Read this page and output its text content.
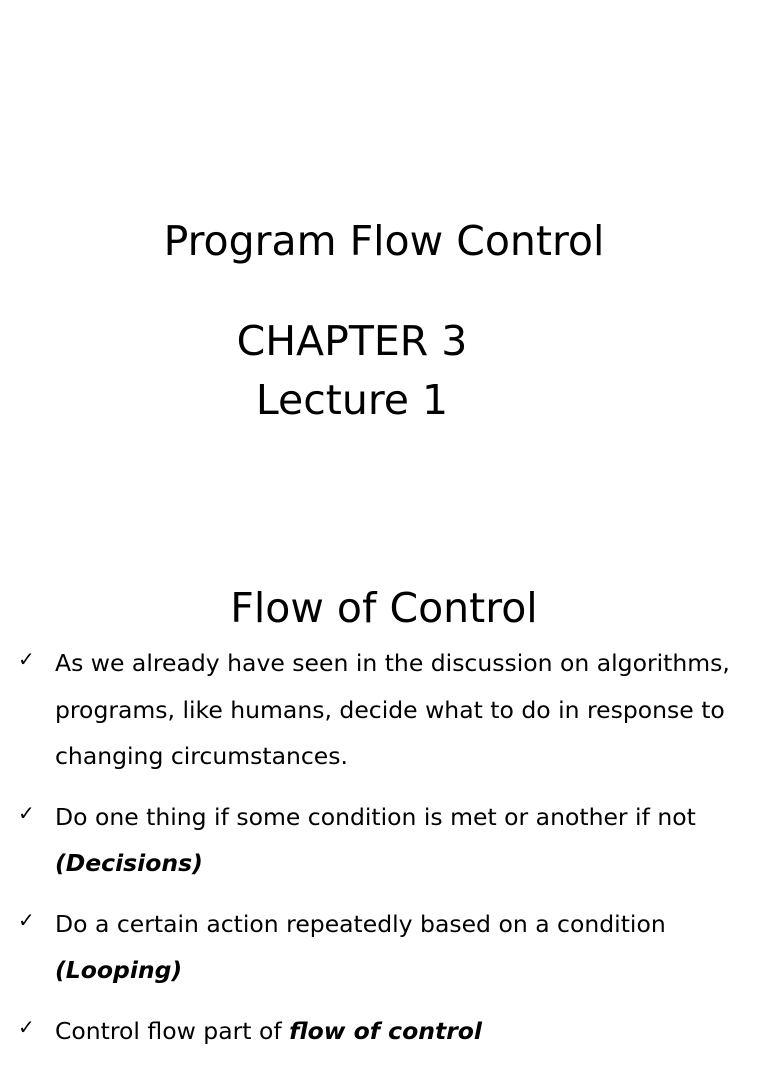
Program Flow Control
CHAPTER 3
Lecture 1
Flow of Control
✓ As we already have seen in the discussion on algorithms, programs, like humans, decide what to do in response to changing circumstances.
✓ Do one thing if some condition is met or another if not (Decisions)
✓ Do a certain action repeatedly based on a condition (Looping)
✓ Control flow part of flow of control
